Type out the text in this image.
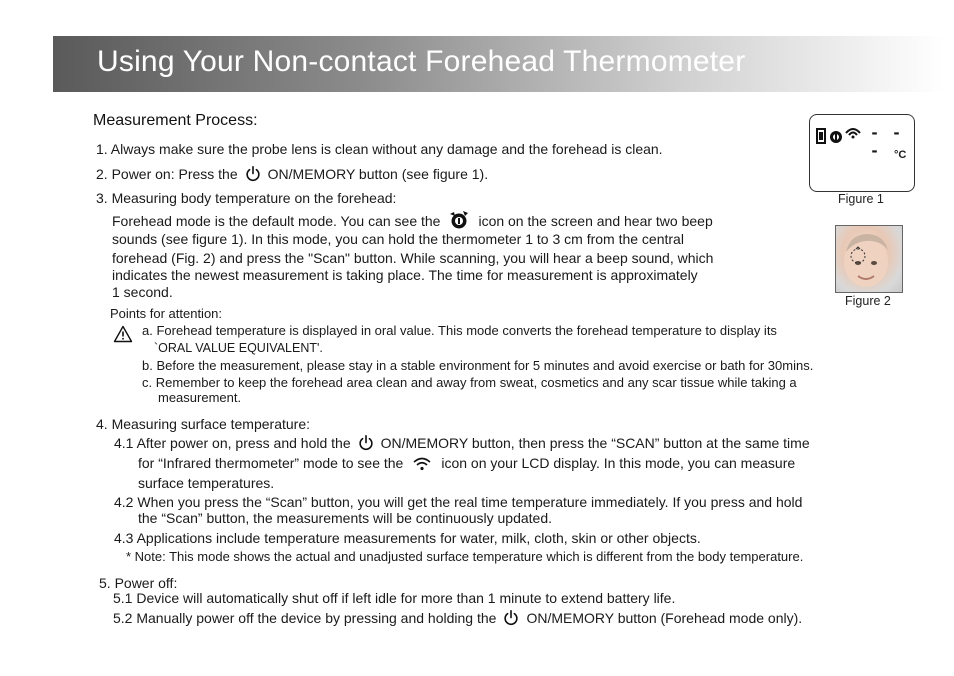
Using Your Non-contact Forehead Thermometer
Measurement Process:
1. Always make sure the probe lens is clean without any damage and the forehead is clean.
2. Power on: Press the ON/MEMORY button (see figure 1).
3. Measuring body temperature on the forehead:
Forehead mode is the default mode. You can see the	icon on the screen and hear two beep
sounds (see figure 1). In this mode, you can hold the thermometer 1 to 3 cm from the central
forehead (Fig. 2) and press the "Scan" button. While scanning, you will hear a beep sound, which
indicates the newest measurement is taking place. The time for measurement is approximately
1 second.
Points for attention:
a. Forehead temperature is displayed in oral value. This mode converts the forehead temperature to display its
`ORAL VALUE EQUIVALENT'.
b. Before the measurement, please stay in a stable environment for 5 minutes and avoid exercise or bath for 30mins.
c. Remember to keep the forehead area clean and away from sweat, cosmetics and any scar tissue while taking a
measurement.
4. Measuring surface temperature:
4.1 After power on, press and hold the ON/MEMORY button, then press the “SCAN” button at the same time
for “Infrared thermometer” mode to see the	icon on your LCD display. In this mode, you can measure
surface temperatures.
4.2 When you press the “Scan” button, you will get the real time temperature immediately. If you press and hold
the “Scan” button, the measurements will be continuously updated.
4.3 Applications include temperature measurements for water, milk, cloth, skin or other objects.
* Note: This mode shows the actual and unadjusted surface temperature which is different from the body temperature.
5. Power off:
5.1 Device will automatically shut off if left idle for more than 1 minute to extend battery life.
5.2 Manually power off the device by pressing and holding the ON/MEMORY button (Forehead mode only).
- - -	°C
Figure 1
Figure 2
